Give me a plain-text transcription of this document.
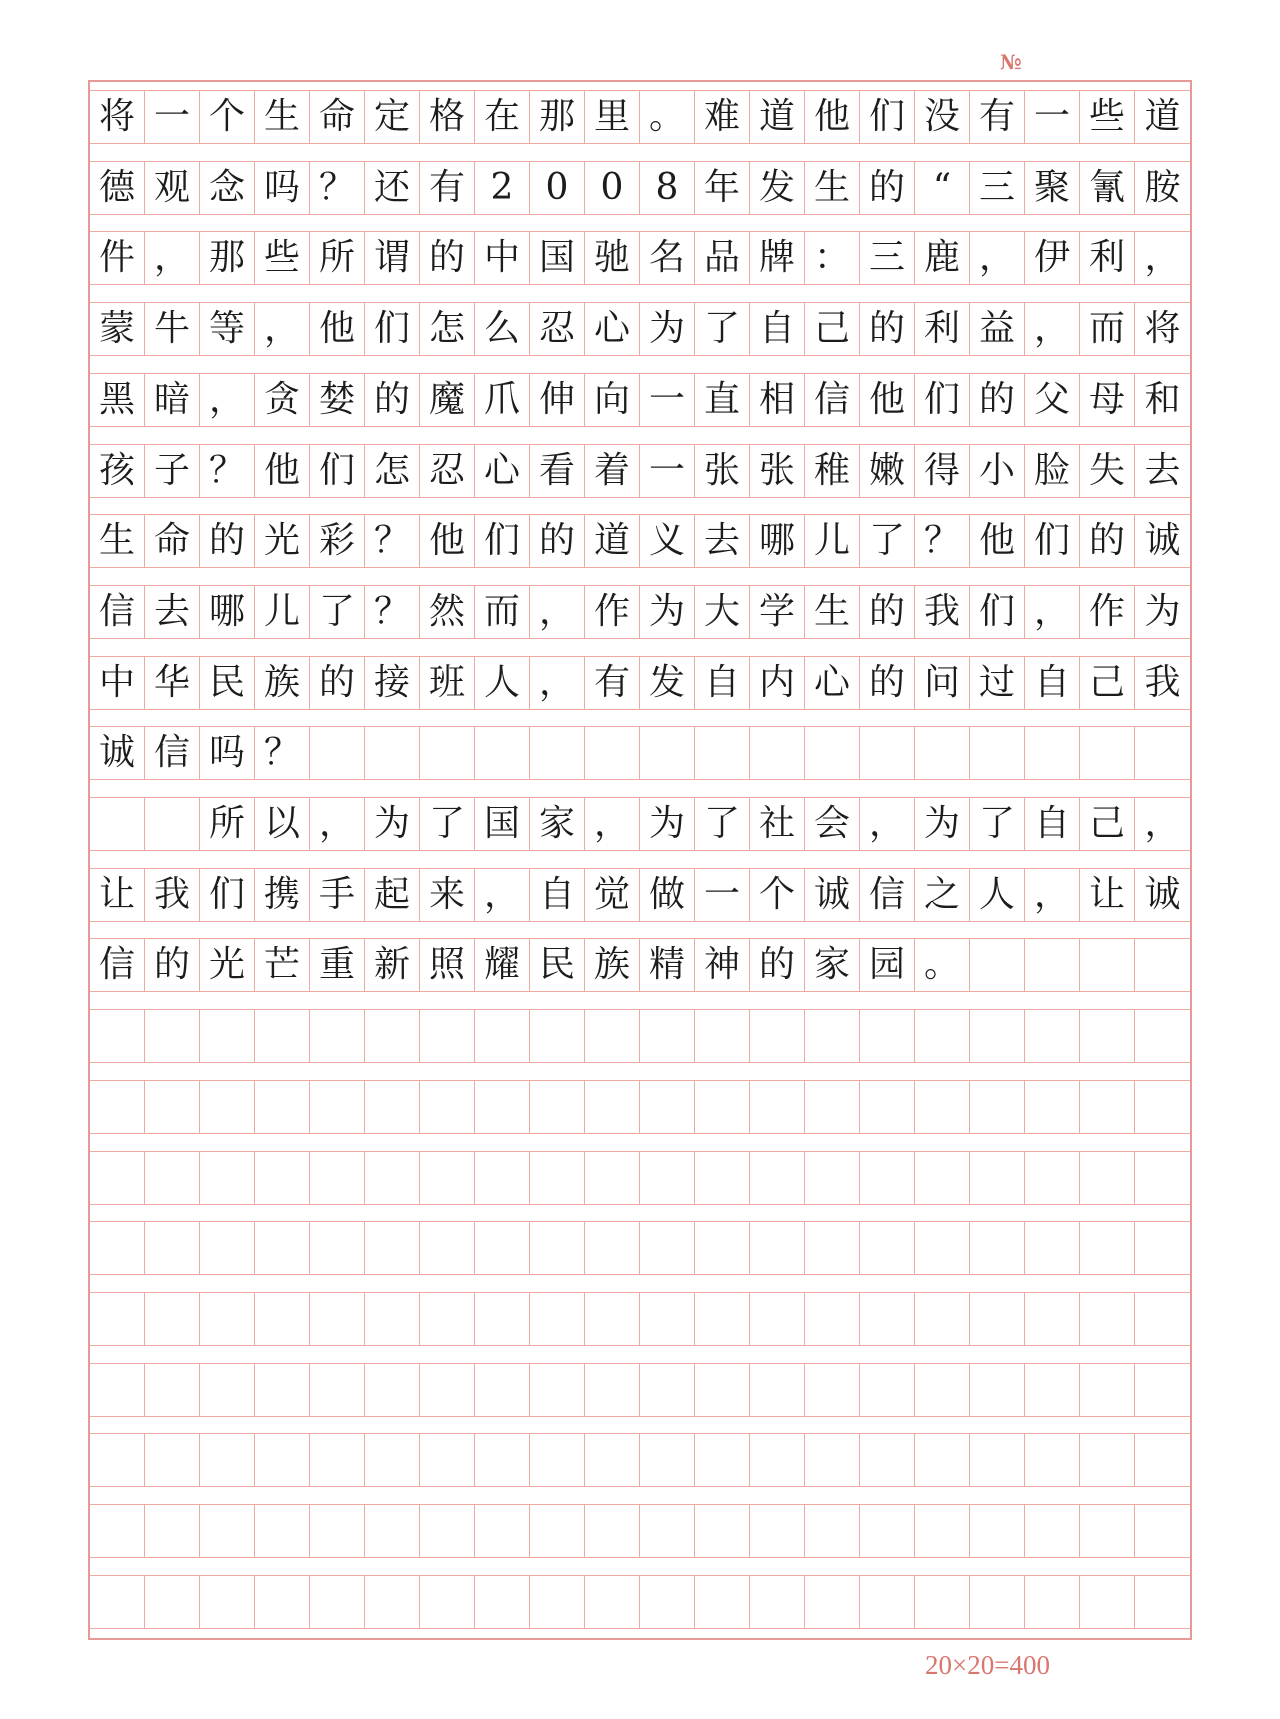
№
将 一 个 生 命 定 格 在 那 里 。 难 道 他 们 没 有 一 些 道
德 观 念 吗 ？ 还 有 2 0 0 8 年 发 生 的 “ 三 聚 氰 胺
件 ， 那 些 所 谓 的 中 国 驰 名 品 牌 ： 三 鹿 ， 伊 利 ，
蒙 牛 等 ， 他 们 怎 么 忍 心 为 了 自 己 的 利 益 ， 而 将
黑 暗 ， 贪 婪 的 魔 爪 伸 向 一 直 相 信 他 们 的 父 母 和
孩 子 ？ 他 们 怎 忍 心 看 着 一 张 张 稚 嫩 得 小 脸 失 去
生 命 的 光 彩 ？ 他 们 的 道 义 去 哪 儿 了 ？ 他 们 的 诚
信 去 哪 儿 了 ？ 然 而 ， 作 为 大 学 生 的 我 们 ， 作 为
中 华 民 族 的 接 班 人 ， 有 发 自 内 心 的 问 过 自 己 我
诚 信 吗 ？

所 以 ， 为 了 国 家 ， 为 了 社 会 ， 为 了 自 己 ，
让 我 们 携 手 起 来 ， 自 觉 做 一 个 诚 信 之 人 ， 让 诚
信 的 光 芒 重 新 照 耀 民 族 精 神 的 家 园 。
20×20=400
